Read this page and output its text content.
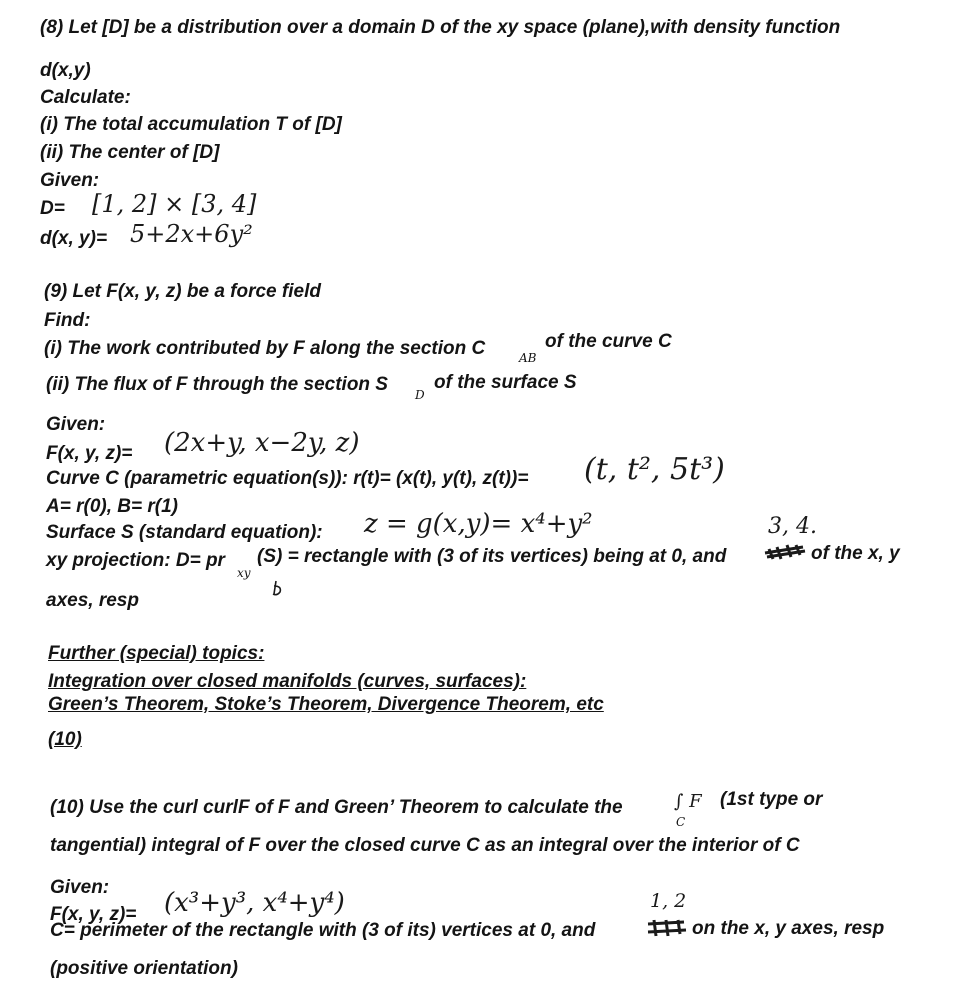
(8) Let [D] be a distribution over a domain D of the xy space (plane),with density function
d(x,y)
Calculate:
(i) The total accumulation T of [D]
(ii) The center of [D]
Given:
D= [1, 2] × [3, 4]
d(x, y)= 5+2x+6y²
(9) Let F(x, y, z) be a force field
Find:
(i) The work contributed by F along the section C	AB
of the curve C
(ii) The flux of F through the section S D
of the surface S
Given:
F(x, y, z)= (2x+y, x−2y, z)
Curve C (parametric equation(s)): r(t)= (x(t), y(t), z(t))= (t, t², 5t³)
A= r(0), B= r(1)
Surface S (standard equation): z = g(x,y)= x⁴+y²	3, 4.
xy projection: D= pr
xy
(S) = rectangle with (3 of its vertices) being at 0, and	of the x, y
axes, resp
Further (special) topics:
Integration over closed manifolds (curves, surfaces):
Green’s Theorem, Stoke’s Theorem, Divergence Theorem, etc
(10)
(10) Use the curl curlF of F and Green’ Theorem to calculate the	∫ F
C
(1st type or
tangential) integral of F over the closed curve C as an integral over the interior of C
Given:
F(x, y, z)= (x³+y³, x⁴+y⁴)	1, 2
C= perimeter of the rectangle with (3 of its) vertices at 0, and	on the x, y axes, resp
(positive orientation)
